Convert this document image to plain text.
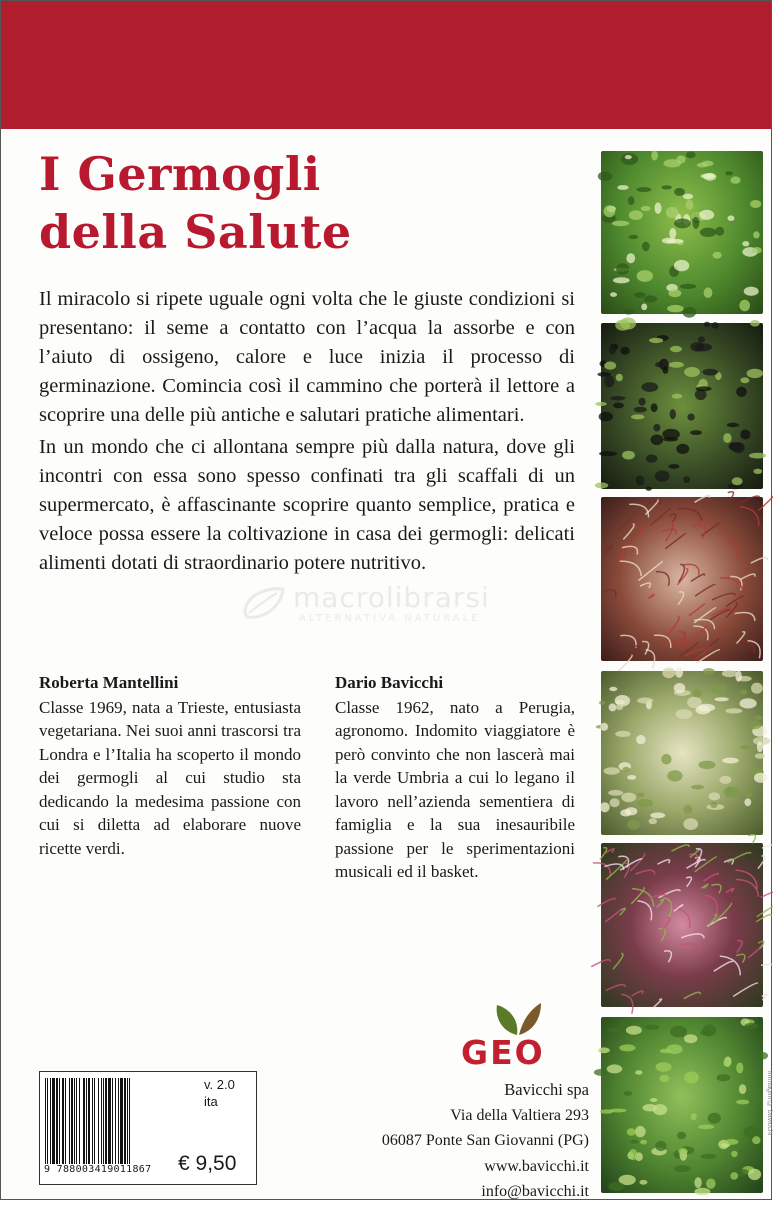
I Germogli
della Salute

Il miracolo si ripete uguale ogni volta che le giuste condizioni si presentano: il seme a contatto con l’acqua la assorbe e con l’aiuto di ossigeno, calore e luce inizia il processo di germinazione. Comincia così il cammino che porterà il lettore a scoprire una delle più antiche e salutari pratiche alimentari.

In un mondo che ci allontana sempre più dalla natura, dove gli incontri con essa sono spesso confinati tra gli scaffali di un supermercato, è affascinante scoprire quanto semplice, pratica e veloce possa essere la coltivazione in casa dei germogli: delicati alimenti dotati di straordinario potere nutritivo.

macrolibrarsi
ALTERNATIVA NATURALE
Roberta Mantellini

Classe 1969, nata a Trieste, entusiasta vegetariana. Nei suoi anni trascorsi tra Londra e l’Italia ha scoperto il mondo dei germogli al cui studio sta dedicando la medesima passione con cui si diletta ad elaborare nuove ricette verdi.

Dario Bavicchi

Classe 1962, nato a Perugia, agronomo. Indomito viaggiatore è però convinto che non lascerà mai la verde Umbria a cui lo legano il lavoro nell’azienda sementiera di famiglia e la sua inesauribile passione per le sperimentazioni musicali ed il basket.

GEO
Bavicchi spa
Via della Valtiera 293
06087 Ponte San Giovanni (PG)
www.bavicchi.it
info@bavicchi.it
9 788003419011867
v. 2.0
ita
€ 9,50
immagini © bavicchi
